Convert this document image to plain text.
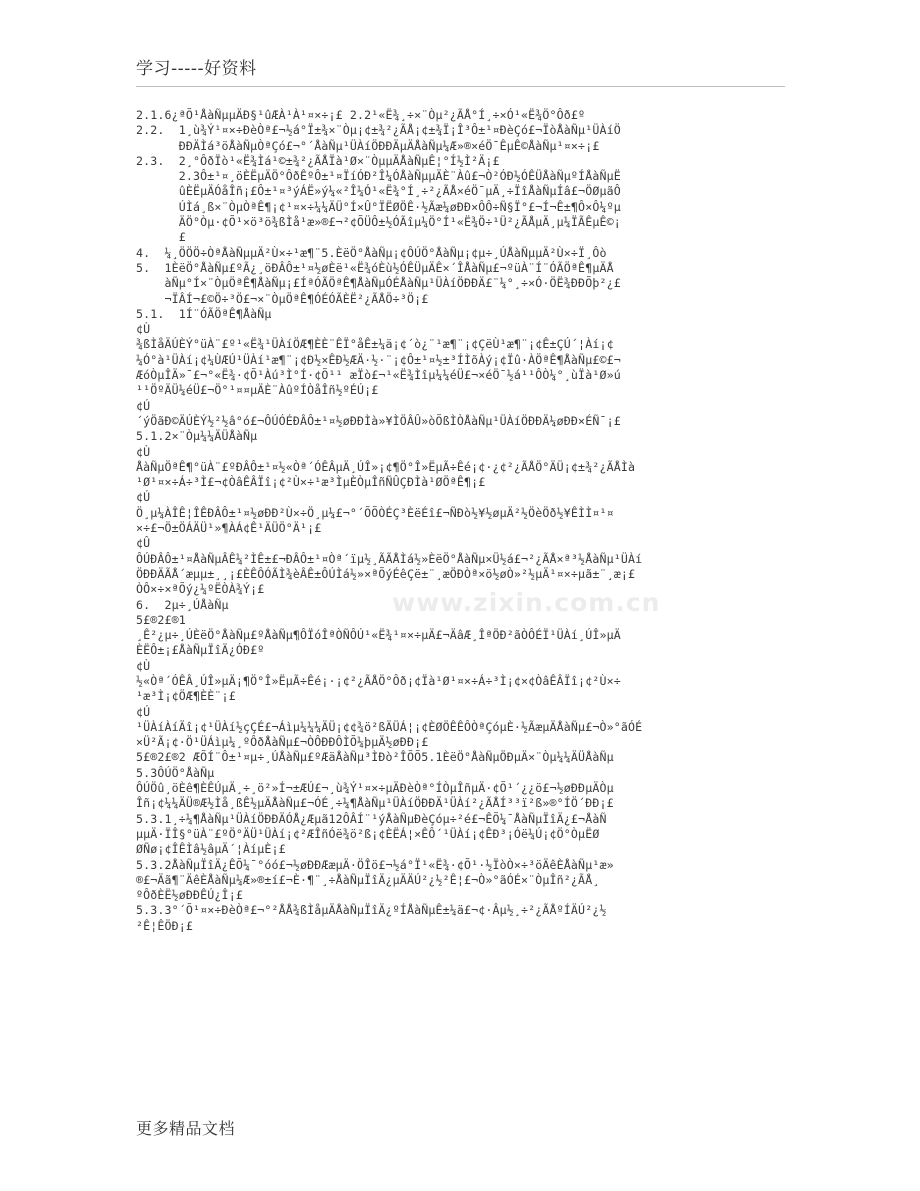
学习-----好资料
www.zixin.com.cn
2.1.6¿ªÕ¹ÅàÑµµÄÐ§¹ûÆÀ¹À¹¤×÷¡£ 2.2¹«Ë¾¸÷×¨Òµ²¿ÃÅ°Í¸÷×Ó¹«Ë¾Ö°Ôð£º
2.2.  1¸ù¾Ý¹¤×÷ÐèÒª£¬½á°Ï±¾×¨Òµ¡¢±¾²¿ÃÅ¡¢±¾Ï¡Î³Ô±¹¤ÐèÇó£¬ÏòÅàÑµ¹ÜÀíÖ
ÐÐÄÌá³öÅàÑµÒªÇó£¬°´ÅàÑµ¹ÜÀíÖÐÐÄµÄÅàÑµ¼Æ»®×éÖ¯ÊµÊ©ÅàÑµ¹¤×÷¡£
2.3.  2¸°ÔðÏò¹«Ë¾Ìá¹©±¾²¿ÃÅÏà¹Ø×¨ÒµµÄÅàÑµÊ¦°Í½Ì²Ä¡£
2.3Ô±¹¤¸öÈËµÄÖ°ÔðÊºÔ±¹¤ÏíÓÐ²Î¼ÓÅàÑµµÄÈ¨Àû£¬Ò²ÓÐ½ÓÊÜÅàÑµºÍÅàÑµË
ûÈËµÄÓåÎñ¡£Ô±¹¤³ýÁË»ý¼«²Î¼Ó¹«Ë¾°Í¸÷²¿ÃÅ×éÖ¯µÄ¸÷ÏîÅàÑµÍâ£¬ÖØµãÔ
ÚÌá¸ß×¨ÒµÒªÊ¶¡¢¹¤×÷¼¼ÄÜ°Í×Û°ÏËØÖÊ·½Ãæ¼øÐÐ×ÔÔ÷Ñ§Ï°£¬Í¬Ê±¶Ô×Ô¼ºµ
ÄÖ°Òµ·¢Õ¹×ö³ö¾ßÌå¹æ»®£¬²¢ÕÜÔ±½ÓÃîµ¼Ö°Í¹«Ë¾Ö÷¹Ü²¿ÃÅµÄ¸µ¼ÏÃÊµÊ©¡
£
4.  ¼¸ÖÖÖ÷ÒªÅàÑµµÄ²Ù×÷¹æ¶¨5.ÈëÖ°ÅàÑµ¡¢ÔÚÖ°ÅàÑµ¡¢µ÷¸ÚÅàÑµµÄ²Ù×÷Ï¸Ôò
5.  1ÈëÖ°ÅàÑµ£ºÃ¿¸öÐÂÔ±¹¤½øÈë¹«Ë¾óÈù½ÓÊÜµÄÊ×´ÎÅàÑµ£¬ºüÀ¨Í¨ÓÃÖªÊ¶µÄÅ
àÑµ°Í×¨ÒµÖªÊ¶ÅàÑµ¡£ÍªÓÃÖªÊ¶ÅàÑµÓÉÅàÑµ¹ÜÀíÖÐÐÄ£¨¼°¸÷×Ó·ÖË¾ÐÐÕþ²¿£
¬ÏÂÍ¬£©Ö÷³Ö£¬×¨ÒµÖªÊ¶ÓÉÓÃÈË²¿ÃÅÖ÷³Ö¡£
5.1.  1Í¨ÓÃÖªÊ¶ÅàÑµ
¢Ù
¾ßÌåÄÚÈÝ°üÀ¨£º¹«Ë¾¹ÜÀíÖÆ¶ÈÈ¨ÊÏ°åÊ±¼ä¡¢´ò¿¨¹æ¶¨¡¢ÇëÙ¹æ¶¨¡¢Ê±ÇÚ´¦Àí¡¢
¼Ó°à¹ÜÀí¡¢¼ÙÆÚ¹ÜÀí¹æ¶¨¡¢Ð½×ÊÐ½ÆÄ·½·¨¡¢Ô±¹¤½±³ÍÌõÀý¡¢Ïû·ÀÖªÊ¶ÅàÑµ£©£¬
ÆóÒµÎÄ»¯£¬°«Ë¾·¢Õ¹Àú³Ì°Í·¢Õ¹¹ æÏò£¬¹«Ë¾Ìîµ¼¼éÜ£¬×éÖ¯½á¹¹ÔÒ¼°¸ùÏà¹Ø»ú
¹¹ÖºÄÜ¼éÜ£¬Ö°¹¤¤µÄÈ¨ÀûºÍÒåÎñ½ºÉÚ¡£
¢Ú
´ýÖãÐ©ÄÚÈÝ½²½â°ó£¬ÔÚÓÉÐÂÔ±¹¤½øÐÐÌà»¥ÌÖÂÛ»òÕßÌÒÅàÑµ¹ÜÀíÖÐÐÄ¼øÐÐ×ÉÑ¯¡£
5.1.2×¨Òµ¼¼ÄÜÅàÑµ
¢Ù
ÅàÑµÖªÊ¶°üÀ¨£ºÐÂÔ±¹¤½«Òª´ÓÊÂµÄ¸ÚÎ»¡¢¶Ö°Î»ËµÃ÷Êé¡¢·¿¢²¿ÃÅÖ°ÄÜ¡¢±¾²¿ÃÅÌà
¹Ø¹¤×÷Á÷³Ì£¬¢ÒâÊÂÏî¡¢²Ù×÷¹æ³ÌµÈÒµÎñÑÛÇÐÌà¹ØÖªÊ¶¡£
¢Ú
Ö¸µ¼ÀÎÊ¦ÎÊÐÂÔ±¹¤½øÐÐ²Ù×÷Ö¸µ¼£¬°´ÕÕÒÉÇ³ÈëÉî£¬ÑÐò½¥½øµÄ²½ÖèÖð½¥ÊÌÌ¤¹¤
×÷£¬Ö±ÖÁÄÜ¹»¶ÀÁ¢Ê¹ÄÜÖ°Ä¹¡£
¢Û
ÔÚÐÂÔ±¹¤ÅàÑµÂÊ¼²ÌÊ±£¬ÐÂÔ±¹¤Òª´ïµ½¸ÃÃÅÌá½»ÈëÖ°ÅàÑµ×Ü½á£¬²¿ÃÅ×ª³½ÅàÑµ¹ÜÀí
ÖÐÐÄÃÅ´æµµ±¸¸¡£ÈÊÔÓÃÌ¾èÂÊ±ÔÚÌá½»×ªÕýÉêÇë±¨¸æÖÐÒª×ö½øÒ»²½µÄ¹¤×÷µã±¨¸æ¡£
ÒÔ×÷×ªÕý¿¼ºËÒÀ¾Ý¡£
6.  2µ÷¸ÚÅàÑµ
5£®2£®1
¸Ê²¿µ÷¸ÚÈëÖ°ÅàÑµ£ºÅàÑµ¶ÔÏóÎªÒÑÔÚ¹«Ë¾¹¤×÷µÄ£¬ÄâÆ¸ÎªÖÐ²ãÒÔÉÏ¹ÜÀí¸ÚÎ»µÄ
ÈËÔ±¡£ÅàÑµÏîÄ¿ÓÐ£º
¢Ù
½«Òª´ÓÊÂ¸ÚÎ»µÄ¡¶Ö°Î»ËµÃ÷Êé¡·¡¢²¿ÃÅÖ°Ôð¡¢Ïà¹Ø¹¤×÷Á÷³Ì¡¢×¢ÒâÊÂÏî¡¢²Ù×÷
¹æ³Ì¡¢ÖÆ¶ÈÈ¨¡£
¢Ú
¹ÜÀíÀíÄî¡¢¹ÜÀí½çÇÉ£¬Áìµ¼¼¼ÄÜ¡¢¢¾ö²ßÄÜÁ¦¡¢ÈØÖÊÊÔÒªÇóµÈ·½ÃæµÄÅàÑµ£¬Ò»°ãÓÉ
×Ü²Ã¡¢·Ö¹ÜÁìµ¼¸ºÔðÅàÑµ£¬ÒÔÐÐÔÌÕ¼þµÄ½øÐÐ¡£
5£®2£®2 ÆÕÍ¨Ô±¹¤µ÷¸ÚÅàÑµ£ºÆäÅàÑµ³ÌÐò²ÎÕÕ5.1ÈëÖ°ÅàÑµÖÐµÄ×¨Òµ¼¼ÄÜÅàÑµ
5.3ÔÚÖ°ÅàÑµ
ÔÚÖû¸öÈê¶ÈÊÚµÄ¸÷¸ö²»Í¬±ÆÚ£¬¸ù¾Ý¹¤×÷µÄÐèÒª°ÍÒµÎñµÄ·¢Õ¹´¿¿ö£¬½øÐÐµÄÒµ
Îñ¡¢¼¼ÄÜ®Æ½Ìå¸ßÊ½µÄÅàÑµ£¬ÓÉ¸÷¼¶ÅàÑµ¹ÜÀíÖÐÐÄ¹ÜÀí²¿ÃÅÍ³³ï²ß»®°ÍÖ´ÐÐ¡£
5.3.1¸÷¼¶ÅàÑµ¹ÜÀíÖÐÐÄÓÅ¿Æµã12ÔÂÍ¨¹ýÅàÑµÐèÇóµ÷²é£¬ÊÕ¼¯ÅàÑµÏîÄ¿£¬ÅàÑ
µµÄ·ÏÎ§°üÀ¨£ºÖ°ÄÜ¹ÜÀí¡¢²ÆÎñÓë¾ö²ß¡¢ÈËÁ¦×ÊÔ´¹ÜÀí¡¢ÊÐ³¡Óë¼Ú¡¢Ö°ÒµËØ
ØÑø¡¢ÎÊÌâ½âµÄ´¦ÀíµÈ¡£
5.3.2ÅàÑµÏîÄ¿ÊÕ¼¯°óó£¬½øÐÐÆæµÄ·ÖÎö£¬½á°Ï¹«Ë¾·¢Õ¹·½ÏòÒ×÷³öÄêÈÅàÑµ¹æ»
®£¬Äã¶¨ÄêÈÅàÑµ¼Æ»®±í£¬È·¶¨¸÷ÅàÑµÏîÄ¿µÄÄÚ²¿½²Ê¦£¬Ò»°ãÓÉ×¨ÒµÎñ²¿ÃÅ¸
ºÔðÈË½øÐÐÊÚ¿Î¡£
5.3.3°´Õ¹¤×÷ÐèÒª£¬°²ÅÅ¾ßÌåµÄÅàÑµÏîÄ¿ºÍÅàÑµÊ±¼ä£¬¢·Âµ½¸÷²¿ÃÅºÍÄÚ²¿½
²Ê¦ÊÖÐ¡£
更多精品文档
